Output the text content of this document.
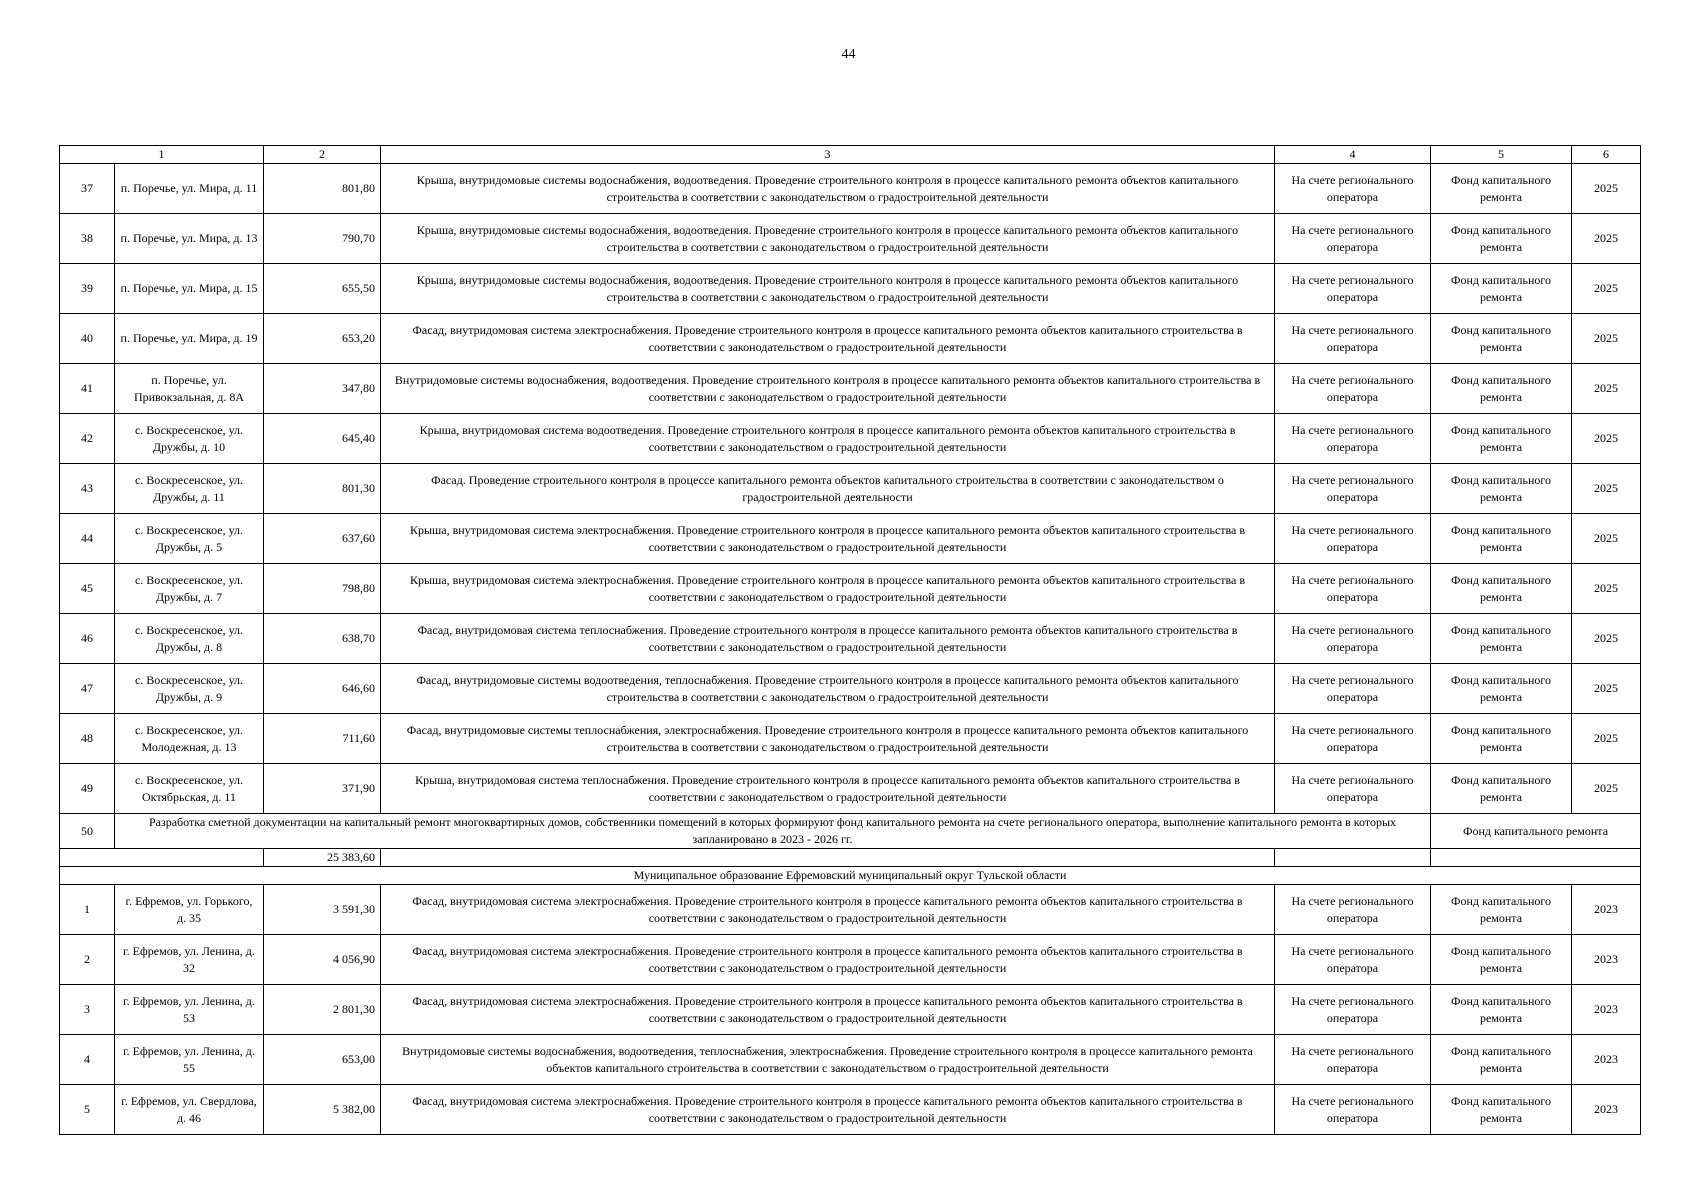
44
1		2	3	4	5	6
37	п. Поречье, ул. Мира, д. 11	801,80	Крыша, внутридомовые системы водоснабжения, водоотведения. Проведение строительного контроля в процессе капитального ремонта объектов капитального строительства в соответствии с законодательством о градостроительной деятельности	На счете регионального оператора	Фонд капитального ремонта	2025
38	п. Поречье, ул. Мира, д. 13	790,70	Крыша, внутридомовые системы водоснабжения, водоотведения. Проведение строительного контроля в процессе капитального ремонта объектов капитального строительства в соответствии с законодательством о градостроительной деятельности	На счете регионального оператора	Фонд капитального ремонта	2025
39	п. Поречье, ул. Мира, д. 15	655,50	Крыша, внутридомовые системы водоснабжения, водоотведения. Проведение строительного контроля в процессе капитального ремонта объектов капитального строительства в соответствии с законодательством о градостроительной деятельности	На счете регионального оператора	Фонд капитального ремонта	2025
40	п. Поречье, ул. Мира, д. 19	653,20	Фасад, внутридомовая система электроснабжения. Проведение строительного контроля в процессе капитального ремонта объектов капитального строительства в соответствии с законодательством о градостроительной деятельности	На счете регионального оператора	Фонд капитального ремонта	2025
41	п. Поречье, ул. Привокзальная, д. 8А	347,80	Внутридомовые системы водоснабжения, водоотведения. Проведение строительного контроля в процессе капитального ремонта объектов капитального строительства в соответствии с законодательством о градостроительной деятельности	На счете регионального оператора	Фонд капитального ремонта	2025
42	с. Воскресенское, ул. Дружбы, д. 10	645,40	Крыша, внутридомовая система водоотведения. Проведение строительного контроля в процессе капитального ремонта объектов капитального строительства в соответствии с законодательством о градостроительной деятельности	На счете регионального оператора	Фонд капитального ремонта	2025
43	с. Воскресенское, ул. Дружбы, д. 11	801,30	Фасад. Проведение строительного контроля в процессе капитального ремонта объектов капитального строительства в соответствии с законодательством о градостроительной деятельности	На счете регионального оператора	Фонд капитального ремонта	2025
44	с. Воскресенское, ул. Дружбы, д. 5	637,60	Крыша, внутридомовая система электроснабжения. Проведение строительного контроля в процессе капитального ремонта объектов капитального строительства в соответствии с законодательством о градостроительной деятельности	На счете регионального оператора	Фонд капитального ремонта	2025
45	с. Воскресенское, ул. Дружбы, д. 7	798,80	Крыша, внутридомовая система электроснабжения. Проведение строительного контроля в процессе капитального ремонта объектов капитального строительства в соответствии с законодательством о градостроительной деятельности	На счете регионального оператора	Фонд капитального ремонта	2025
46	с. Воскресенское, ул. Дружбы, д. 8	638,70	Фасад, внутридомовая система теплоснабжения. Проведение строительного контроля в процессе капитального ремонта объектов капитального строительства в соответствии с законодательством о градостроительной деятельности	На счете регионального оператора	Фонд капитального ремонта	2025
47	с. Воскресенское, ул. Дружбы, д. 9	646,60	Фасад, внутридомовые системы водоотведения, теплоснабжения. Проведение строительного контроля в процессе капитального ремонта объектов капитального строительства в соответствии с законодательством о градостроительной деятельности	На счете регионального оператора	Фонд капитального ремонта	2025
48	с. Воскресенское, ул. Молодежная, д. 13	711,60	Фасад, внутридомовые системы теплоснабжения, электроснабжения. Проведение строительного контроля в процессе капитального ремонта объектов капитального строительства в соответствии с законодательством о градостроительной деятельности	На счете регионального оператора	Фонд капитального ремонта	2025
49	с. Воскресенское, ул. Октябрьская, д. 11	371,90	Крыша, внутридомовая система теплоснабжения. Проведение строительного контроля в процессе капитального ремонта объектов капитального строительства в соответствии с законодательством о градостроительной деятельности	На счете регионального оператора	Фонд капитального ремонта	2025
50	Разработка сметной документации на капитальный ремонт многоквартирных домов, собственники помещений в которых формируют фонд капитального ремонта на счете регионального оператора, выполнение капитального ремонта в которых запланировано в 2023 - 2026 гг.				Фонд капитального ремонта	
		25 383,60				
Муниципальное образование Ефремовский муниципальный округ Тульской области						
1	г. Ефремов, ул. Горького, д. 35	3 591,30	Фасад, внутридомовая система электроснабжения. Проведение строительного контроля в процессе капитального ремонта объектов капитального строительства в соответствии с законодательством о градостроительной деятельности	На счете регионального оператора	Фонд капитального ремонта	2023
2	г. Ефремов, ул. Ленина, д. 32	4 056,90	Фасад, внутридомовая система электроснабжения. Проведение строительного контроля в процессе капитального ремонта объектов капитального строительства в соответствии с законодательством о градостроительной деятельности	На счете регионального оператора	Фонд капитального ремонта	2023
3	г. Ефремов, ул. Ленина, д. 53	2 801,30	Фасад, внутридомовая система электроснабжения. Проведение строительного контроля в процессе капитального ремонта объектов капитального строительства в соответствии с законодательством о градостроительной деятельности	На счете регионального оператора	Фонд капитального ремонта	2023
4	г. Ефремов, ул. Ленина, д. 55	653,00	Внутридомовые системы водоснабжения, водоотведения, теплоснабжения, электроснабжения. Проведение строительного контроля в процессе капитального ремонта объектов капитального строительства в соответствии с законодательством о градостроительной деятельности	На счете регионального оператора	Фонд капитального ремонта	2023
5	г. Ефремов, ул. Свердлова, д. 46	5 382,00	Фасад, внутридомовая система электроснабжения. Проведение строительного контроля в процессе капитального ремонта объектов капитального строительства в соответствии с законодательством о градостроительной деятельности	На счете регионального оператора	Фонд капитального ремонта	2023
